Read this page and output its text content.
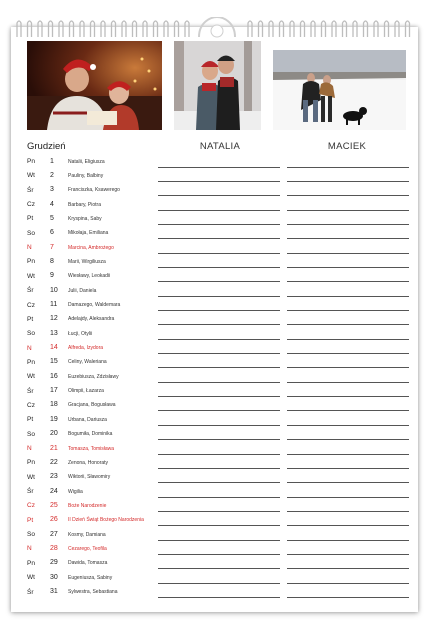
Grudzień	NATALIA	MACIEK
Pn 1	Natalii, Eligiusza
Wt 2	Pauliny, Balbiny
Śr 3	Franciszka, Ksawerego
Cz 4	Barbary, Piotra
Pt 5	Kryspina, Saby
So 6	Mikołaja, Emiliana
N	7	Marcina, Ambrożego
Pn 8	Marii, Wirgiliusza
Wt 9	Wiesławy, Leokadii
Śr 10 Julii, Daniela
Cz 11 Damazego, Waldemara
Pt 12 Adelajdy, Aleksandra
So 13 Łucji, Otylii
N	14 Alfreda, Izydora
Pn 15 Celiny, Waleriana
Wt 16 Euzebiusza, Zdzisławy
Śr 17 Olimpii, Łazarza
Cz 18 Gracjana, Bogusława
Pt 19 Urbana, Dariusza
So 20 Bogumiła, Dominika
N	21 Tomasza, Tomisława
Pn 22 Zenona, Honoraty
Wt 23 Wiktorii, Sławomiry
Śr 24 Wigilia
Cz 25 Boże Narodzenie
Pt 26 II Dzień Świąt Bożego Narodzenia
So 27 Kosmy, Damiana
N	28 Cezarego, Teofila
Pn 29 Dawida, Tomasza
Wt 30 Eugeniusza, Sabiny
Śr 31 Sylwestra, Sebastiana
